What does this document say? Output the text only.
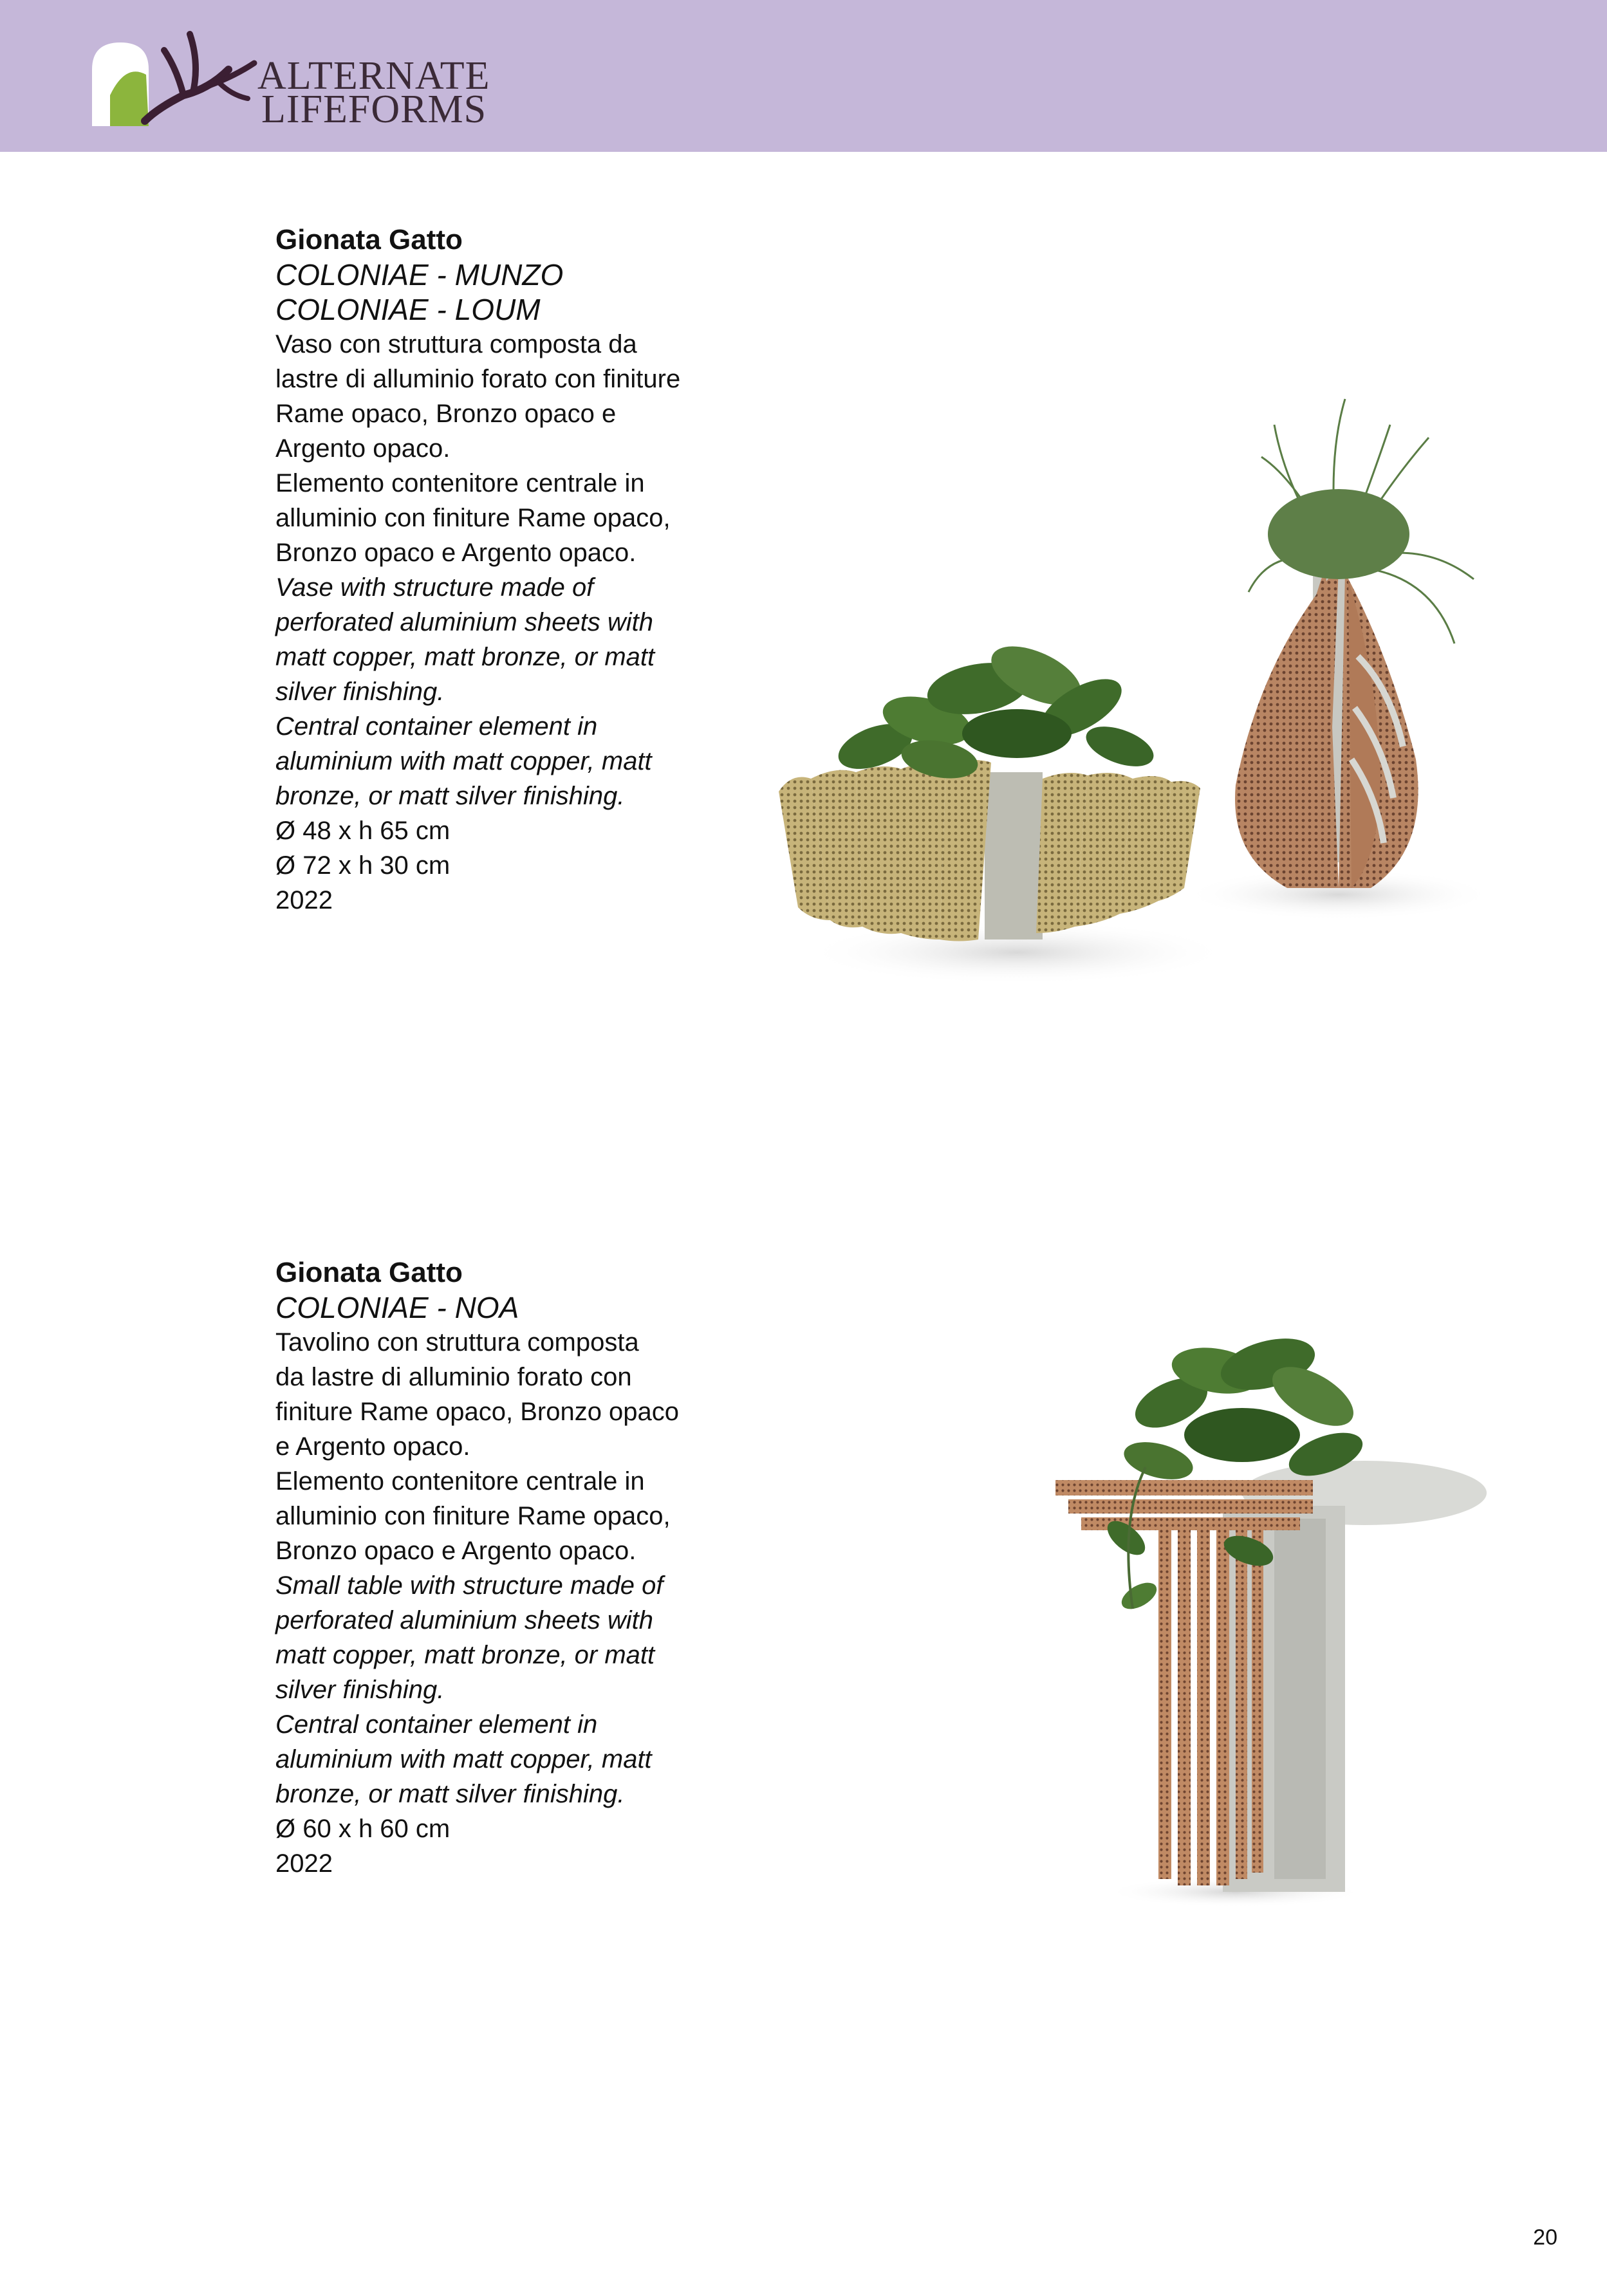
ALTERNATE
LIFEFORMS

Gionata Gatto

COLONIAE - MUNZO

COLONIAE - LOUM

Vaso con struttura composta da

lastre di alluminio forato con finiture

Rame opaco, Bronzo opaco e

Argento opaco.

Elemento contenitore centrale in

alluminio con finiture Rame opaco,

Bronzo opaco e Argento opaco.

Vase with structure made of

perforated aluminium sheets with

matt copper, matt bronze, or matt

silver finishing.

Central container element in

aluminium with matt copper, matt

bronze, or matt silver finishing.

Ø 48 x h 65 cm

Ø 72 x h 30 cm

2022

Gionata Gatto

COLONIAE - NOA

Tavolino con struttura composta

da lastre di alluminio forato con

finiture Rame opaco, Bronzo opaco

e Argento opaco.

Elemento contenitore centrale in

alluminio con finiture Rame opaco,

Bronzo opaco e Argento opaco.

Small table with structure made of

perforated aluminium sheets with

matt copper, matt bronze, or matt

silver finishing.

Central container element in

aluminium with matt copper, matt

bronze, or matt silver finishing.

Ø 60 x h 60 cm

2022

20
